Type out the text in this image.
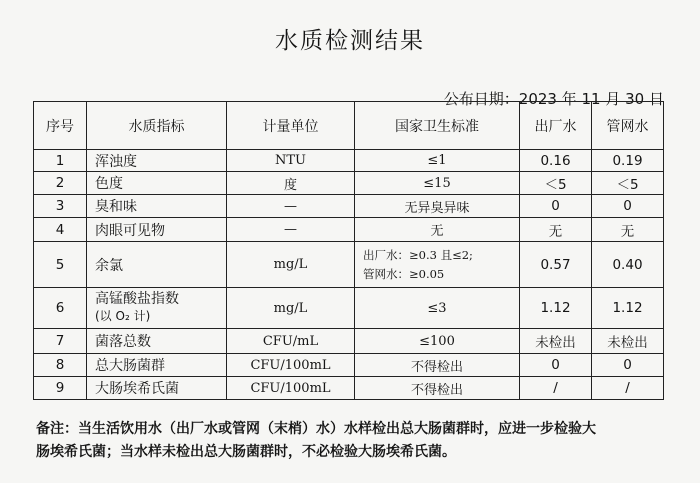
水质检测结果
公布日期：2023 年 11 月 30 日
序号	水质指标	计量单位	国家卫生标准	出厂水	管网水
1	浑浊度	NTU	≤1	0.16	0.19
2	色度	度	≤15	＜5	＜5
3	臭和味	—	无异臭异味	0	0
4	肉眼可见物	—	无	无	无
5	余氯	mg/L	出厂水：≥0.3 且≤2;
管网水：≥0.05	0.57	0.40
6	高锰酸盐指数
(以 O₂ 计)	mg/L	≤3	1.12	1.12
7	菌落总数	CFU/mL	≤100	未检出	未检出
8	总大肠菌群	CFU/100mL	不得检出	0	0
9	大肠埃希氏菌	CFU/100mL	不得检出	/	/
备注：当生活饮用水（出厂水或管网（末梢）水）水样检出总大肠菌群时，应进一步检验大
肠埃希氏菌；当水样未检出总大肠菌群时，不必检验大肠埃希氏菌。
